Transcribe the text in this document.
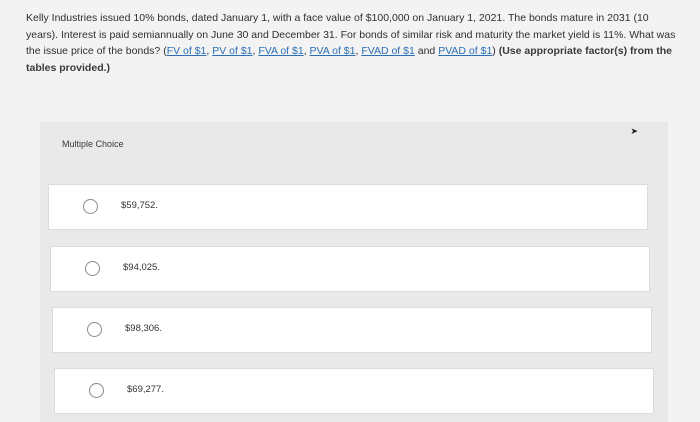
Kelly Industries issued 10% bonds, dated January 1, with a face value of $100,000 on January 1, 2021. The bonds mature in 2031 (10 years). Interest is paid semiannually on June 30 and December 31. For bonds of similar risk and maturity the market yield is 11%. What was the issue price of the bonds? (FV of $1, PV of $1, FVA of $1, PVA of $1, FVAD of $1 and PVAD of $1) (Use appropriate factor(s) from the tables provided.)
Multiple Choice
➤
$59,752.
$94,025.
$98,306.
$69,277.
